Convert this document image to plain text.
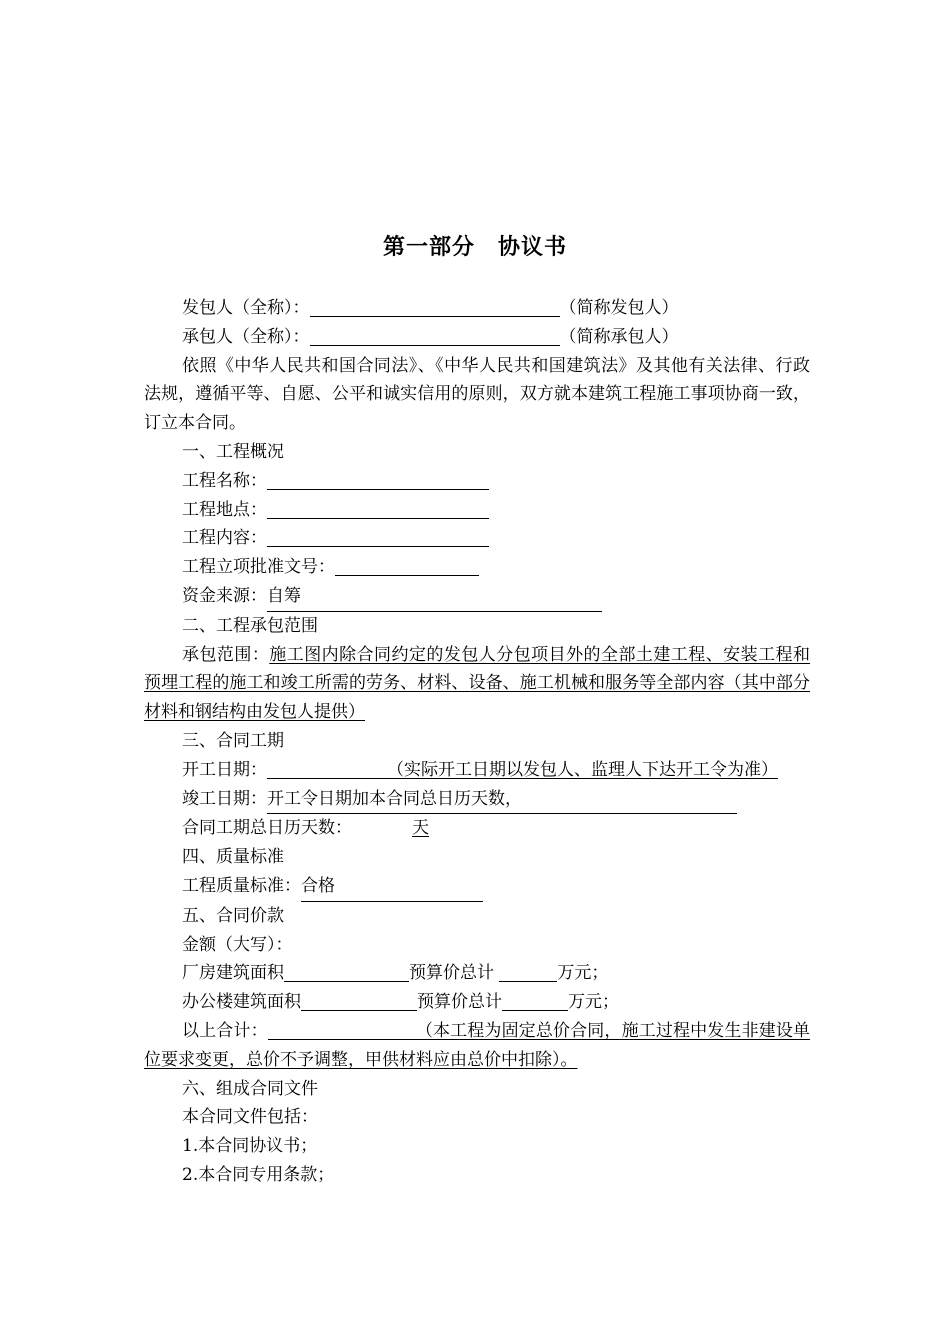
第一部分　协议书
发包人（全称）：	（简称发包人）
承包人（全称）：	（简称承包人）
依照《中华人民共和国合同法》、《中华人民共和国建筑法》及其他有关法律、行政法规，遵循平等、自愿、公平和诚实信用的原则，双方就本建筑工程施工事项协商一致，订立本合同。
一、工程概况
工程名称：
工程地点：
工程内容：
工程立项批准文号：
资金来源：自筹
二、工程承包范围
承包范围：施工图内除合同约定的发包人分包项目外的全部土建工程、安装工程和预埋工程的施工和竣工所需的劳务、材料、设备、施工机械和服务等全部内容（其中部分材料和钢结构由发包人提供）
三、合同工期
开工日期：	（实际开工日期以发包人、监理人下达开工令为准）
竣工日期：开工令日期加本合同总日历天数，
合同工期总日历天数：	天
四、质量标准
工程质量标准：合格
五、合同价款
金额（大写）：
厂房建筑面积	预算价总计	万元；
办公楼建筑面积	预算价总计	万元；
以上合计：	（本工程为固定总价合同，施工过程中发生非建设单位要求变更，总价不予调整，甲供材料应由总价中扣除）。
六、组成合同文件
本合同文件包括：
1.本合同协议书；
2.本合同专用条款；
